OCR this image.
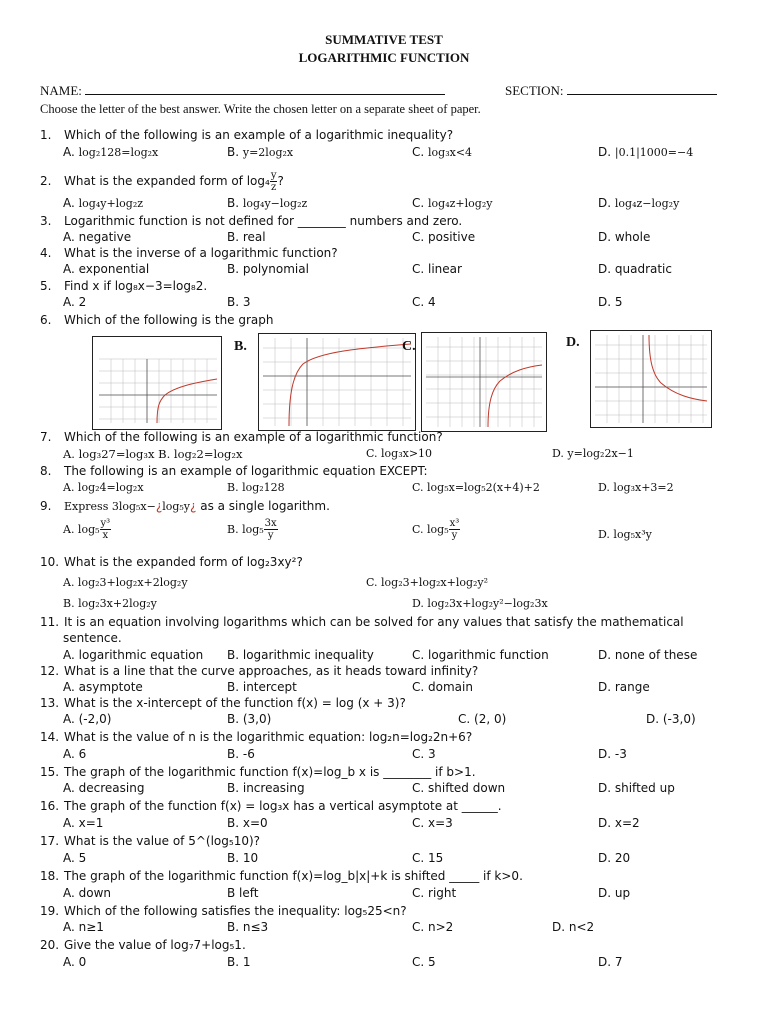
SUMMATIVE TEST
LOGARITHMIC FUNCTION
NAME:	SECTION:
Choose the letter of the best answer. Write the chosen letter on a separate sheet of paper.
1. Which of the following is an example of a logarithmic inequality?
A. log₂128=log₂x	B. y=2log₂x	C. log₃x<4	D. |0.1|1000=−4
2. What is the expanded form of $\log_4 \frac{y}{z}$ ?
A. log₄y+log₂z	B. log₄y−log₂z	C. log₄z+log₂y	D. log₄z−log₂y
3. Logarithmic function is not defined for ________ numbers and zero.
A. negative	B. real	C. positive	D. whole
4. What is the inverse of a logarithmic function?
A. exponential	B. polynomial	C. linear	D. quadratic
5. Find x if log₈x−3=log₈2.
A. 2	B. 3	C. 4	D. 5
6. Which of the following is the graph
A.	B.	C.	D.
7. Which of the following is an example of a logarithmic function?
A. log₃27=log₃x B. log₂2=log₂x	C. log₃x>10	D. y=log₂2x−1
8. The following is an example of logarithmic equation EXCEPT:
A. log₂4=log₂x	B. log₂128	C. log₅x=log₅2(x+4)+2	D. log₃x+3=2
9. Express 3log₅x−¿log₅y¿ as a single logarithm.
A. $\log_5 \frac{\text{y³}}{x}$	B. $\log_5 \frac{3x}{y}$	C. $\log_5 \frac{\text{x³}}{y}$	D. log₅x³y
10. What is the expanded form of log₂3xy²?
A. log₂3+log₂x+2log₂y	C. log₂3+log₂x+log₂y²
B. log₂3x+2log₂y	D. log₂3x+log₂y²−log₂3x
11. It is an equation involving logarithms which can be solved for any values that satisfy the mathematical
sentence.
A. logarithmic equation B. logarithmic inequality	C. logarithmic function	D. none of these
12. What is a line that the curve approaches, as it heads toward infinity?
A. asymptote	B. intercept	C. domain	D. range
13. What is the x-intercept of the function f(x) = log (x + 3)?
A. (-2,0)	B. (3,0)	C. (2, 0)	D. (-3,0)
14. What is the value of n is the logarithmic equation: log₂n=log₂2n+6?
A. 6	B. -6	C. 3	D. -3
15. The graph of the logarithmic function f(x)=log_b x is ________ if b>1.
A. decreasing	B. increasing	C. shifted down	D. shifted up
16. The graph of the function f(x) = log₃x has a vertical asymptote at ______.
A. x=1	B. x=0	C. x=3	D. x=2
17. What is the value of 5^(log₅10)?
A. 5	B. 10	C. 15	D. 20
18. The graph of the logarithmic function f(x)=log_b|x|+k is shifted _____ if k>0.
A. down	B left	C. right	D. up
19. Which of the following satisfies the inequality: log₅25<n?
A. n≥1	B. n≤3	C. n>2	D. n<2
20. Give the value of log₇7+log₅1.
A. 0	B. 1	C. 5	D. 7
